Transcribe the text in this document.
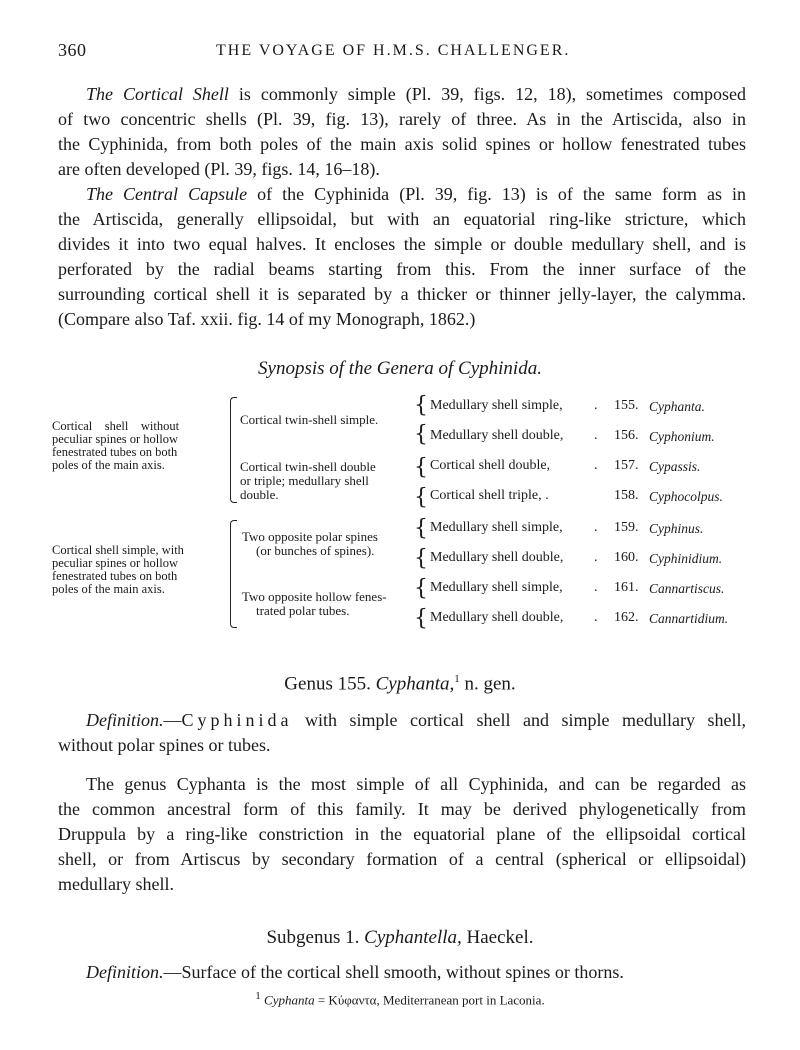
360	THE VOYAGE OF H.M.S. CHALLENGER.
The Cortical Shell is commonly simple (Pl. 39, figs. 12, 18), sometimes composed
of two concentric shells (Pl. 39, fig. 13), rarely of three. As in the Artiscida, also in
the Cyphinida, from both poles of the main axis solid spines or hollow fenestrated tubes
are often developed (Pl. 39, figs. 14, 16–18).
The Central Capsule of the Cyphinida (Pl. 39, fig. 13) is of the same form as in
the Artiscida, generally ellipsoidal, but with an equatorial ring-like stricture, which
divides it into two equal halves. It encloses the simple or double medullary shell, and is
perforated by the radial beams starting from this. From the inner surface of the
surrounding cortical shell it is separated by a thicker or thinner jelly-layer, the calymma.
(Compare also Taf. xxii. fig. 14 of my Monograph, 1862.)
Synopsis of the Genera of Cyphinida.
Cortical    shell    without
peculiar spines or hollow
fenestrated tubes on both
poles of the main axis.
Cortical twin-shell simple.
Cortical twin-shell double
or triple; medullary shell
double.
{
{
{
{
Medullary shell simple, . 155. Cyphanta.
Medullary shell double, . 156. Cyphonium.
Cortical shell double,	. 157. Cypassis.
Cortical shell triple, .	158. Cyphocolpus.
Cortical shell simple, with
peculiar spines or hollow
fenestrated tubes on both
poles of the main axis.
Two opposite polar spines
(or bunches of spines).
Two opposite hollow fenes-
trated polar tubes.
{
{
{
{
Medullary shell simple, . 159. Cyphinus.
Medullary shell double, . 160. Cyphinidium.
Medullary shell simple, . 161. Cannartiscus.
Medullary shell double, . 162. Cannartidium.
Genus 155. Cyphanta,$^1$ n. gen.
Definition.—Cyphinida with simple cortical shell and simple medullary shell,
without polar spines or tubes.
The genus Cyphanta is the most simple of all Cyphinida, and can be regarded as
the common ancestral form of this family. It may be derived phylogenetically from
Druppula by a ring-like constriction in the equatorial plane of the ellipsoidal cortical
shell, or from Artiscus by secondary formation of a central (spherical or ellipsoidal)
medullary shell.
Subgenus 1. Cyphantella, Haeckel.
Definition.—Surface of the cortical shell smooth, without spines or thorns.
$^1$ Cyphanta = Κύφαντα, Mediterranean port in Laconia.
